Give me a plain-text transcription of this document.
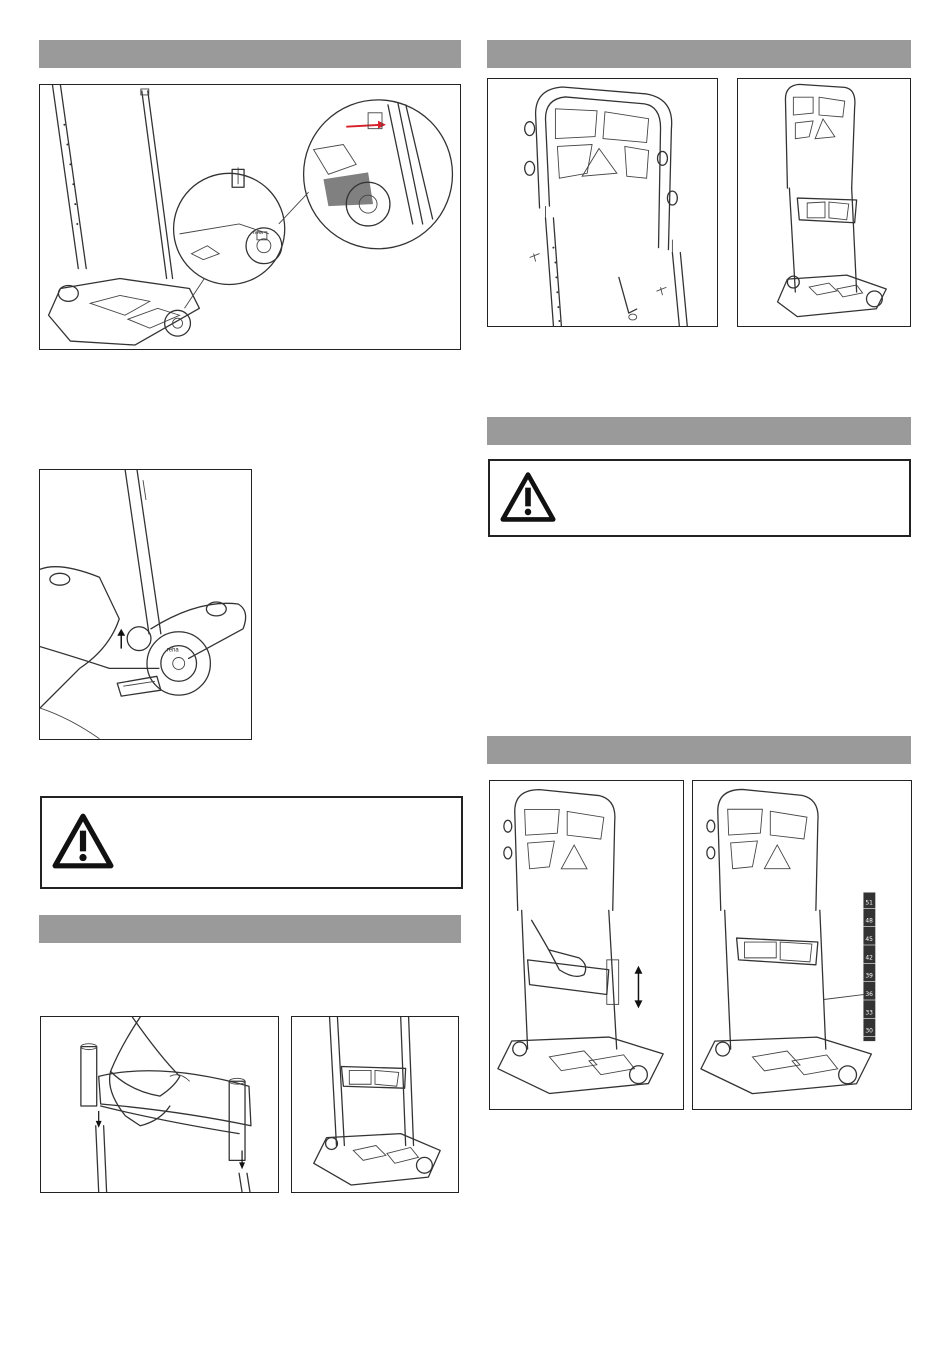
reha
reha
51
48
45
42
39
36
33
30
